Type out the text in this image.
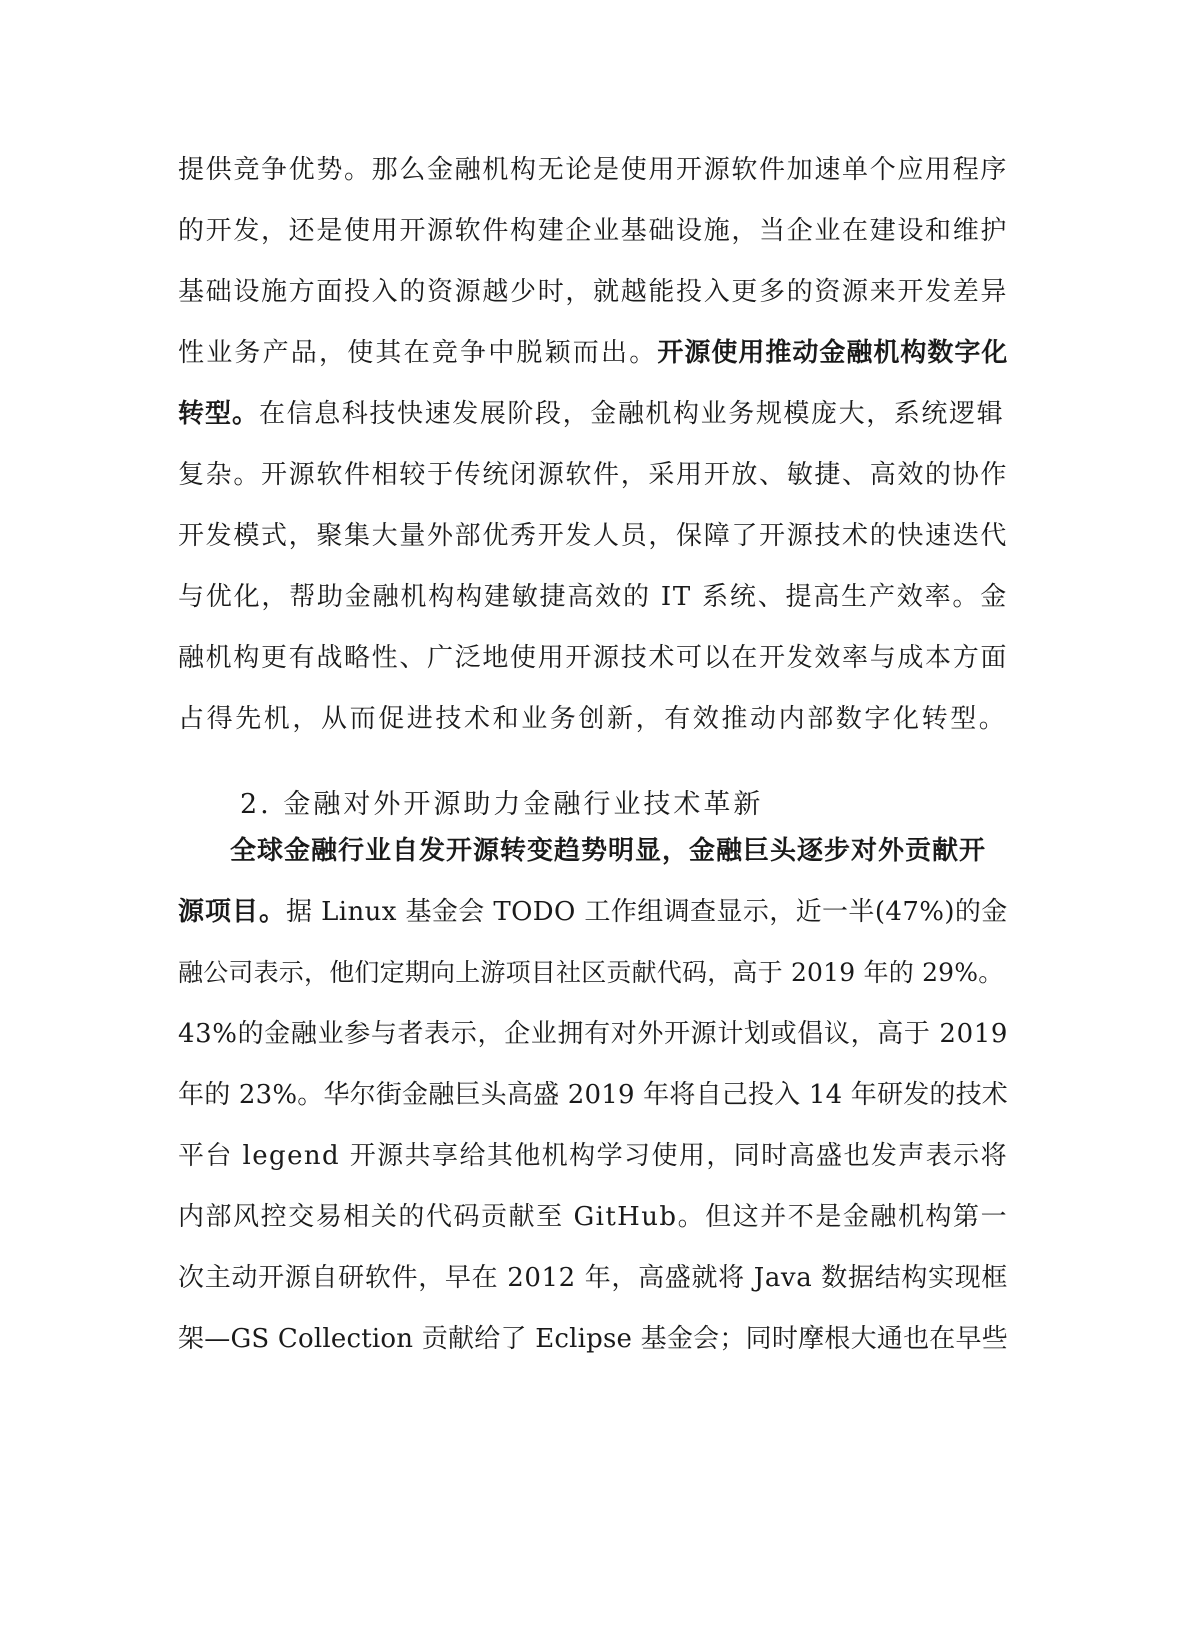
提供竞争优势。那么金融机构无论是使用开源软件加速单个应用程序
的开发，还是使用开源软件构建企业基础设施，当企业在建设和维护
基础设施方面投入的资源越少时，就越能投入更多的资源来开发差异
性业务产品，使其在竞争中脱颖而出。开源使用推动金融机构数字化
转型。在信息科技快速发展阶段，金融机构业务规模庞大，系统逻辑
复杂。开源软件相较于传统闭源软件，采用开放、敏捷、高效的协作
开发模式，聚集大量外部优秀开发人员，保障了开源技术的快速迭代
与优化，帮助金融机构构建敏捷高效的 IT 系统、提高生产效率。金
融机构更有战略性、广泛地使用开源技术可以在开发效率与成本方面
占得先机，从而促进技术和业务创新，有效推动内部数字化转型。
2. 金融对外开源助力金融行业技术革新
全球金融行业自发开源转变趋势明显，金融巨头逐步对外贡献开
源项目。据 Linux 基金会 TODO 工作组调查显示，近一半(47%)的金
融公司表示，他们定期向上游项目社区贡献代码，高于 2019 年的 29%。
43%的金融业参与者表示，企业拥有对外开源计划或倡议，高于 2019
年的 23%。华尔街金融巨头高盛 2019 年将自己投入 14 年研发的技术
平台 legend 开源共享给其他机构学习使用，同时高盛也发声表示将
内部风控交易相关的代码贡献至 GitHub。但这并不是金融机构第一
次主动开源自研软件，早在 2012 年，高盛就将 Java 数据结构实现框
架—GS Collection 贡献给了 Eclipse 基金会；同时摩根大通也在早些
